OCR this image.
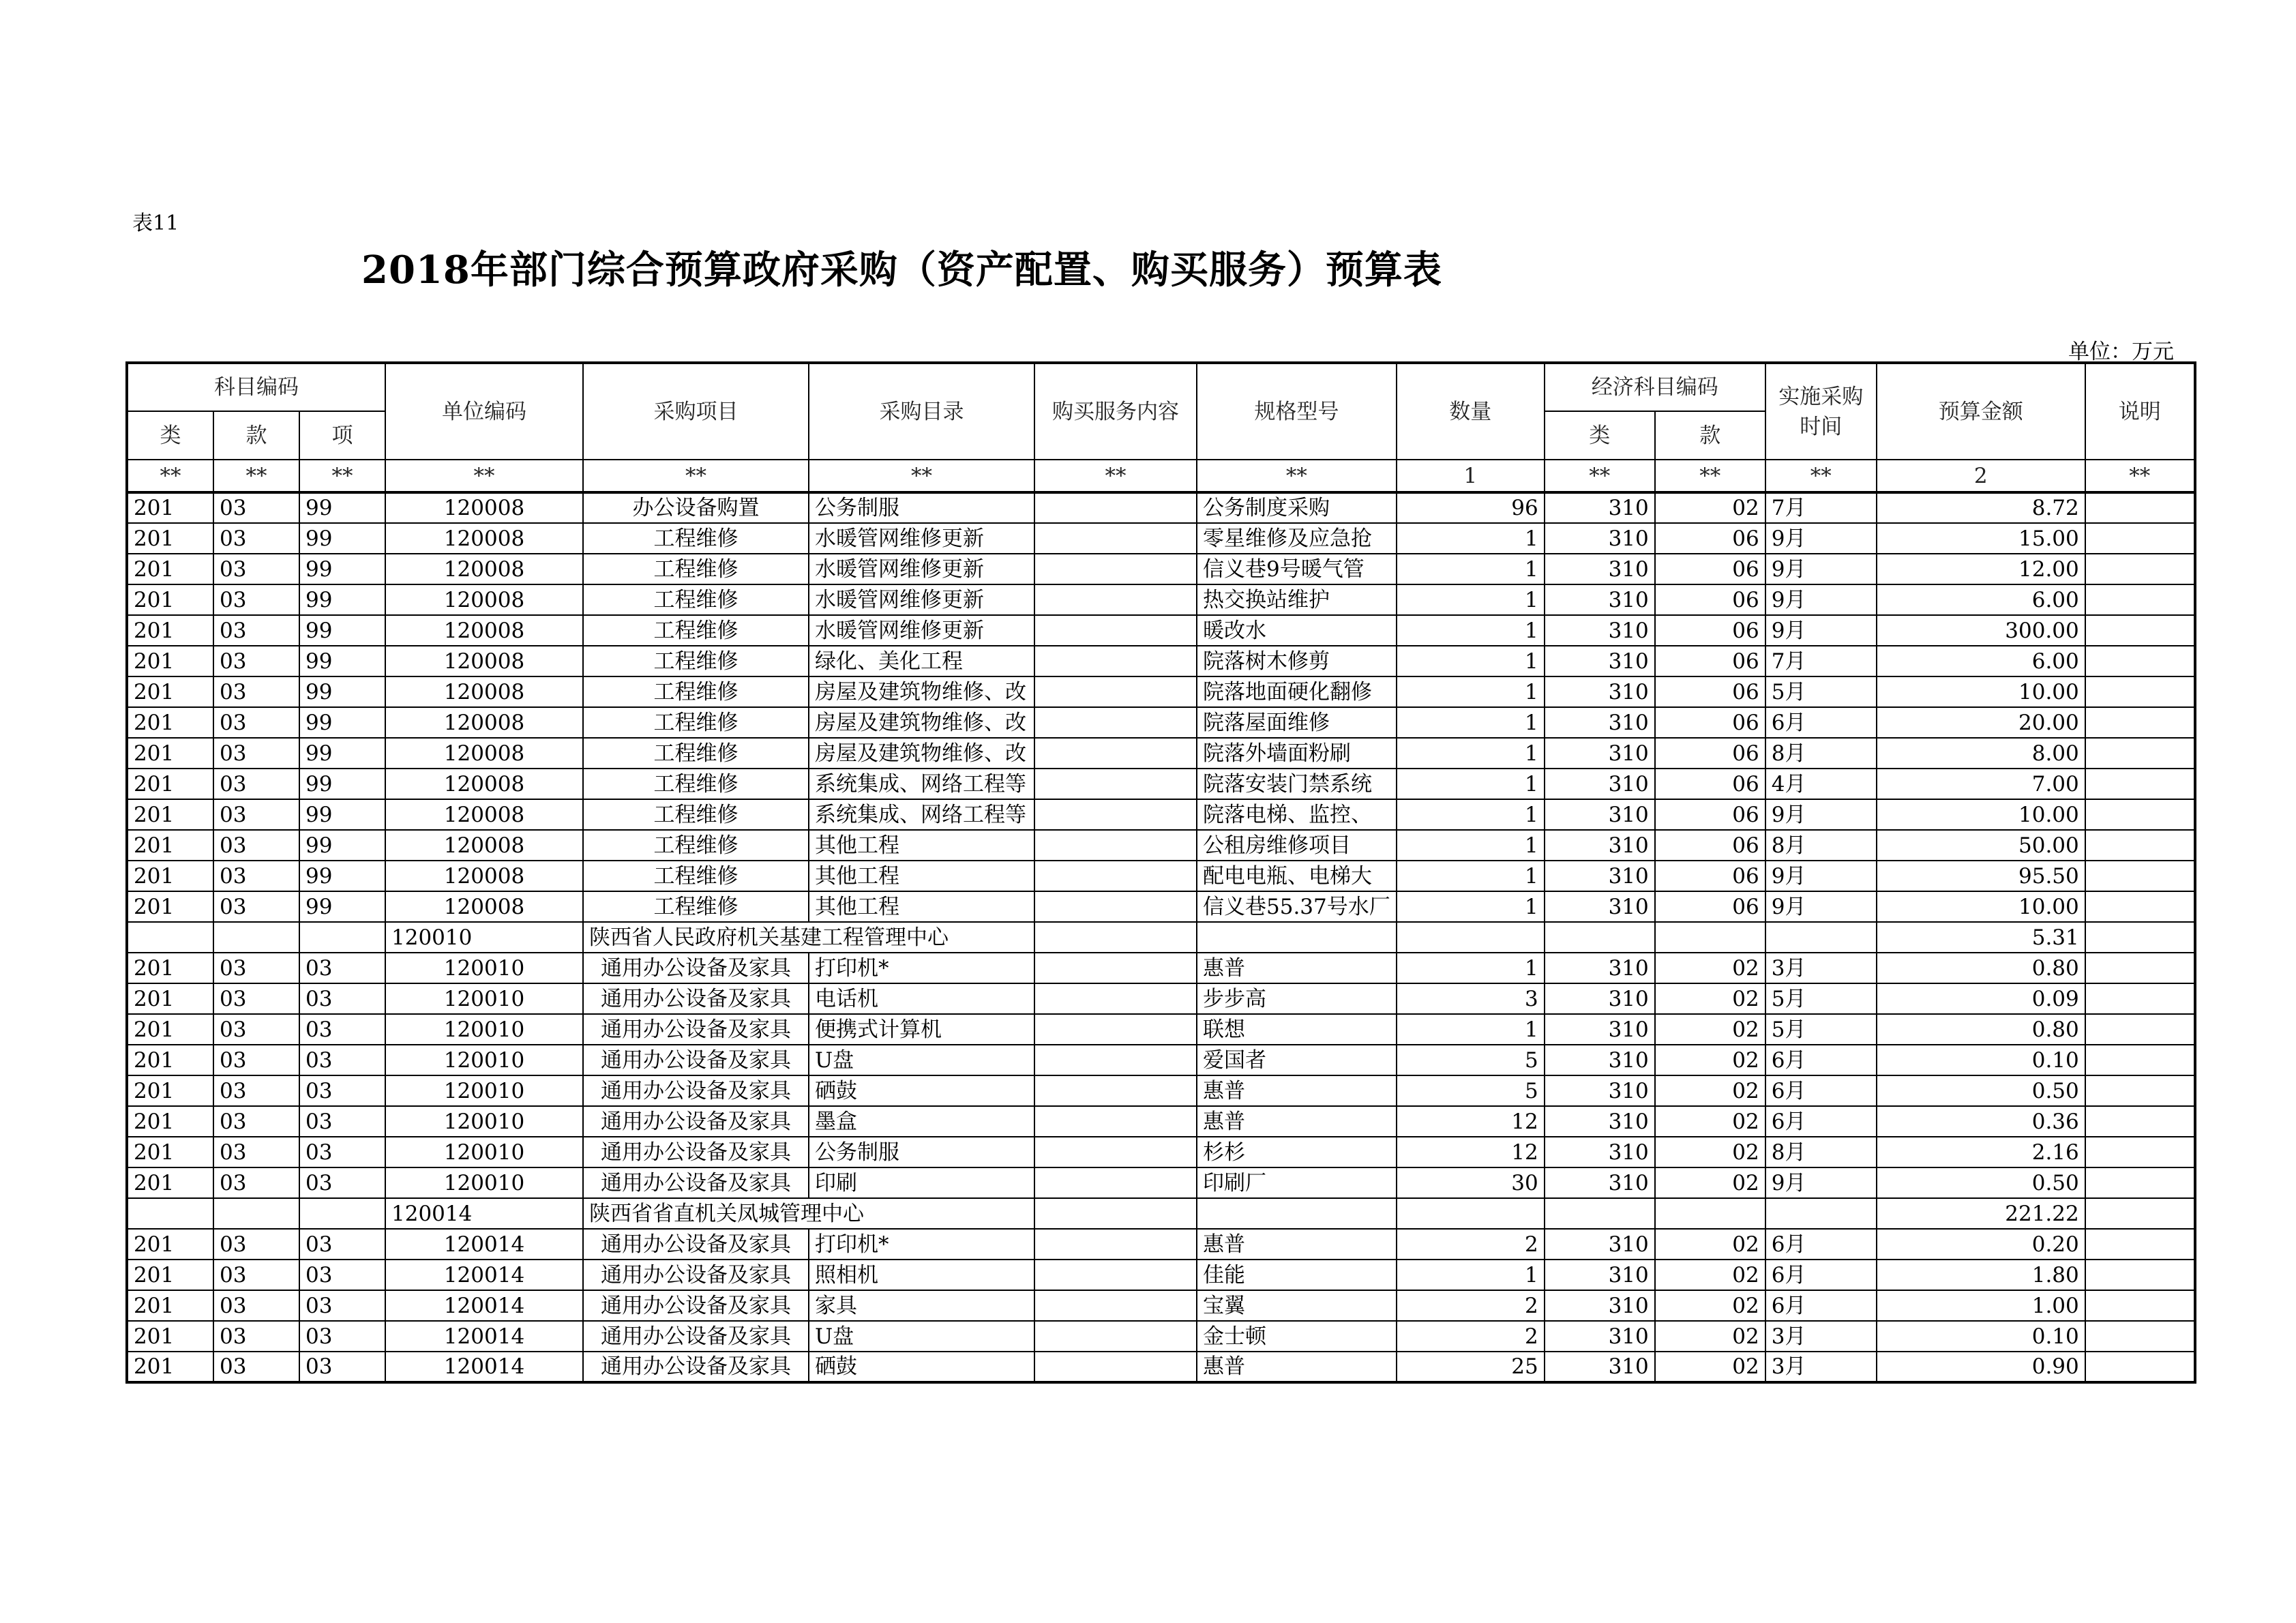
表11
2018年部门综合预算政府采购（资产配置、购买服务）预算表
单位：万元
科目编码			单位编码	采购项目	采购目录	购买服务内容	规格型号	数量	经济科目编码		实施采购时间	预算金额	说明
类	款	项							类	款			
**	**	**	**	**	**	**	**	1	**	**	**	2	**
201	03	99	120008	办公设备购置	公务制服		公务制度采购	96	310	02	7月	8.72	
201	03	99	120008	工程维修	水暖管网维修更新		零星维修及应急抢	1	310	06	9月	15.00	
201	03	99	120008	工程维修	水暖管网维修更新		信义巷9号暖气管	1	310	06	9月	12.00	
201	03	99	120008	工程维修	水暖管网维修更新		热交换站维护	1	310	06	9月	6.00	
201	03	99	120008	工程维修	水暖管网维修更新		暖改水	1	310	06	9月	300.00	
201	03	99	120008	工程维修	绿化、美化工程		院落树木修剪	1	310	06	7月	6.00	
201	03	99	120008	工程维修	房屋及建筑物维修、改		院落地面硬化翻修	1	310	06	5月	10.00	
201	03	99	120008	工程维修	房屋及建筑物维修、改		院落屋面维修	1	310	06	6月	20.00	
201	03	99	120008	工程维修	房屋及建筑物维修、改		院落外墙面粉刷	1	310	06	8月	8.00	
201	03	99	120008	工程维修	系统集成、网络工程等		院落安装门禁系统	1	310	06	4月	7.00	
201	03	99	120008	工程维修	系统集成、网络工程等		院落电梯、监控、	1	310	06	9月	10.00	
201	03	99	120008	工程维修	其他工程		公租房维修项目	1	310	06	8月	50.00	
201	03	99	120008	工程维修	其他工程		配电电瓶、电梯大	1	310	06	9月	95.50	
201	03	99	120008	工程维修	其他工程		信义巷55.37号水厂	1	310	06	9月	10.00	
			120010	陕西省人民政府机关基建工程管理中心								5.31	
201	03	03	120010	通用办公设备及家具	打印机*		惠普	1	310	02	3月	0.80	
201	03	03	120010	通用办公设备及家具	电话机		步步高	3	310	02	5月	0.09	
201	03	03	120010	通用办公设备及家具	便携式计算机		联想	1	310	02	5月	0.80	
201	03	03	120010	通用办公设备及家具	U盘		爱国者	5	310	02	6月	0.10	
201	03	03	120010	通用办公设备及家具	硒鼓		惠普	5	310	02	6月	0.50	
201	03	03	120010	通用办公设备及家具	墨盒		惠普	12	310	02	6月	0.36	
201	03	03	120010	通用办公设备及家具	公务制服		杉杉	12	310	02	8月	2.16	
201	03	03	120010	通用办公设备及家具	印刷		印刷厂	30	310	02	9月	0.50	
			120014	陕西省省直机关凤城管理中心								221.22	
201	03	03	120014	通用办公设备及家具	打印机*		惠普	2	310	02	6月	0.20	
201	03	03	120014	通用办公设备及家具	照相机		佳能	1	310	02	6月	1.80	
201	03	03	120014	通用办公设备及家具	家具		宝翼	2	310	02	6月	1.00	
201	03	03	120014	通用办公设备及家具	U盘		金士顿	2	310	02	3月	0.10	
201	03	03	120014	通用办公设备及家具	硒鼓		惠普	25	310	02	3月	0.90	
